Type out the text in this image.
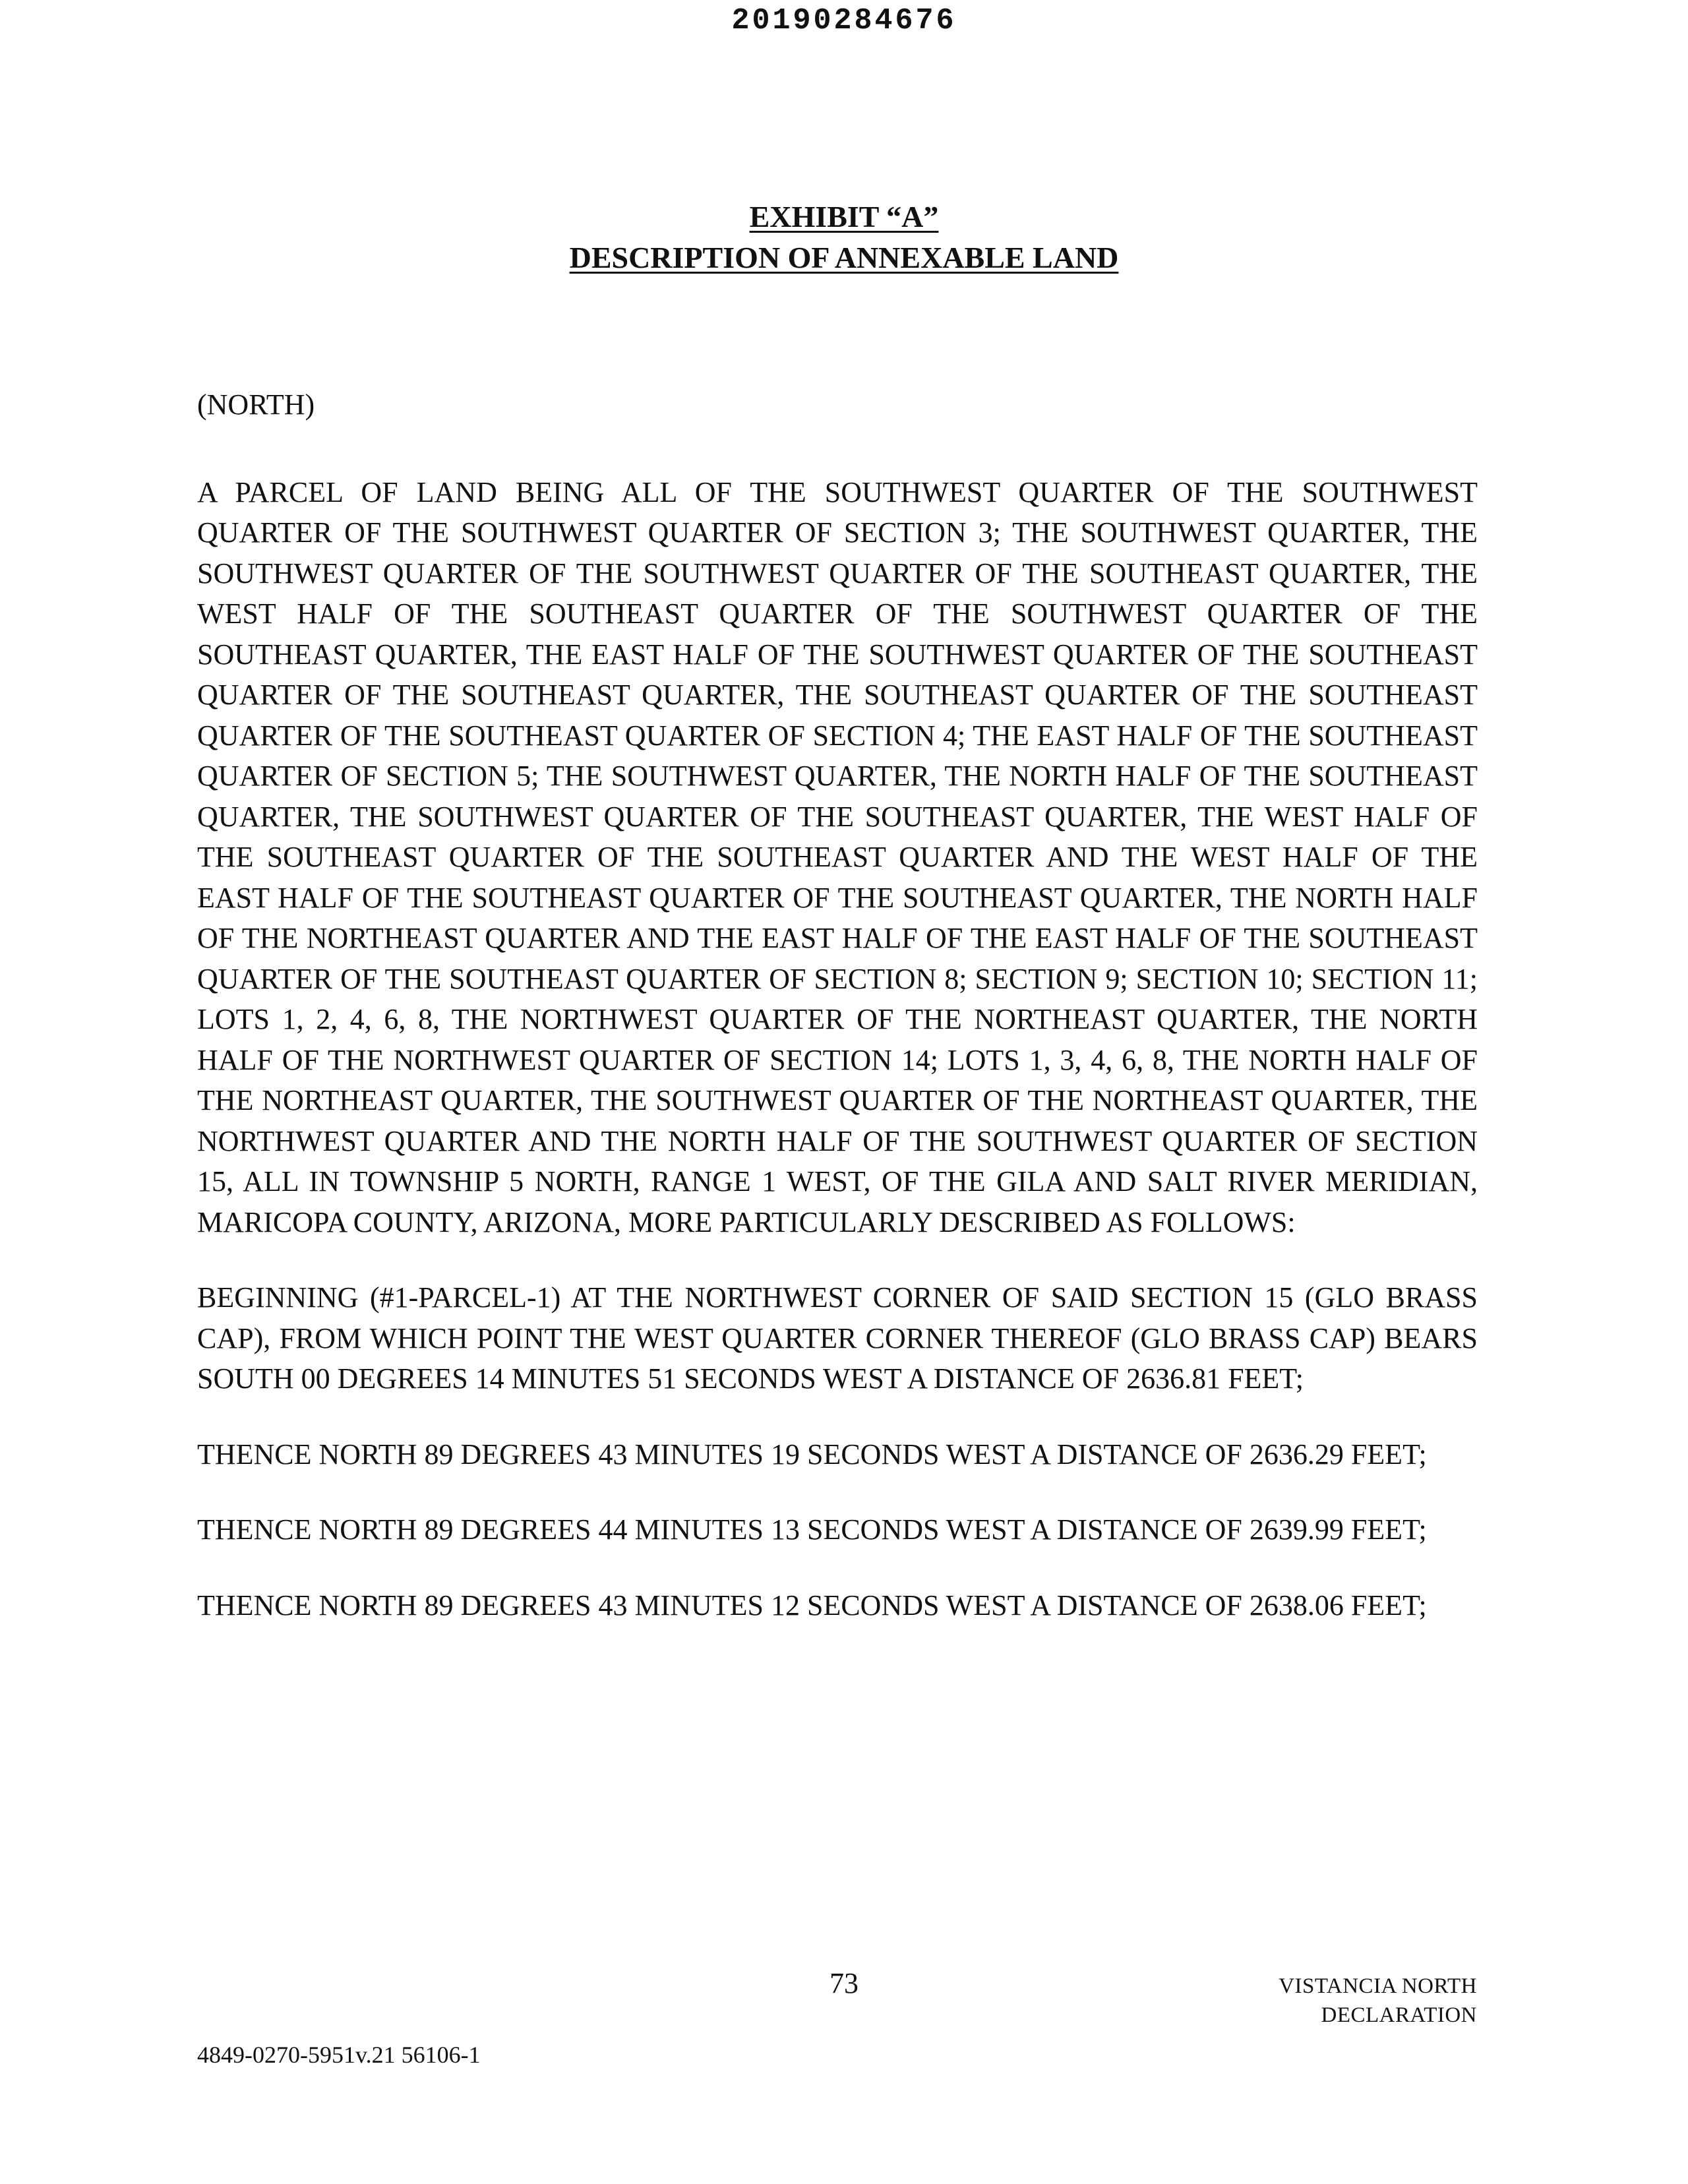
20190284676
EXHIBIT “A”
DESCRIPTION OF ANNEXABLE LAND
(NORTH)

A PARCEL OF LAND BEING ALL OF THE SOUTHWEST QUARTER OF THE SOUTHWEST QUARTER OF THE SOUTHWEST QUARTER OF SECTION 3; THE SOUTHWEST QUARTER, THE SOUTHWEST QUARTER OF THE SOUTHWEST QUARTER OF THE SOUTHEAST QUARTER, THE WEST HALF OF THE SOUTHEAST QUARTER OF THE SOUTHWEST QUARTER OF THE SOUTHEAST QUARTER, THE EAST HALF OF THE SOUTHWEST QUARTER OF THE SOUTHEAST QUARTER OF THE SOUTHEAST QUARTER, THE SOUTHEAST QUARTER OF THE SOUTHEAST QUARTER OF THE SOUTHEAST QUARTER OF SECTION 4; THE EAST HALF OF THE SOUTHEAST QUARTER OF SECTION 5; THE SOUTHWEST QUARTER, THE NORTH HALF OF THE SOUTHEAST QUARTER, THE SOUTHWEST QUARTER OF THE SOUTHEAST QUARTER, THE WEST HALF OF THE SOUTHEAST QUARTER OF THE SOUTHEAST QUARTER AND THE WEST HALF OF THE EAST HALF OF THE SOUTHEAST QUARTER OF THE SOUTHEAST QUARTER, THE NORTH HALF OF THE NORTHEAST QUARTER AND THE EAST HALF OF THE EAST HALF OF THE SOUTHEAST QUARTER OF THE SOUTHEAST QUARTER OF SECTION 8; SECTION 9; SECTION 10; SECTION 11; LOTS 1, 2, 4, 6, 8, THE NORTHWEST QUARTER OF THE NORTHEAST QUARTER, THE NORTH HALF OF THE NORTHWEST QUARTER OF SECTION 14; LOTS 1, 3, 4, 6, 8, THE NORTH HALF OF THE NORTHEAST QUARTER, THE SOUTHWEST QUARTER OF THE NORTHEAST QUARTER, THE NORTHWEST QUARTER AND THE NORTH HALF OF THE SOUTHWEST QUARTER OF SECTION 15, ALL IN TOWNSHIP 5 NORTH, RANGE 1 WEST, OF THE GILA AND SALT RIVER MERIDIAN, MARICOPA COUNTY, ARIZONA, MORE PARTICULARLY DESCRIBED AS FOLLOWS:

BEGINNING (#1-PARCEL-1) AT THE NORTHWEST CORNER OF SAID SECTION 15 (GLO BRASS CAP), FROM WHICH POINT THE WEST QUARTER CORNER THEREOF (GLO BRASS CAP) BEARS SOUTH 00 DEGREES 14 MINUTES 51 SECONDS WEST A DISTANCE OF 2636.81 FEET;

THENCE NORTH 89 DEGREES 43 MINUTES 19 SECONDS WEST A DISTANCE OF 2636.29 FEET;

THENCE NORTH 89 DEGREES 44 MINUTES 13 SECONDS WEST A DISTANCE OF 2639.99 FEET;

THENCE NORTH 89 DEGREES 43 MINUTES 12 SECONDS WEST A DISTANCE OF 2638.06 FEET;

73	VISTANCIA NORTH
DECLARATION
4849-0270-5951v.21 56106-1
